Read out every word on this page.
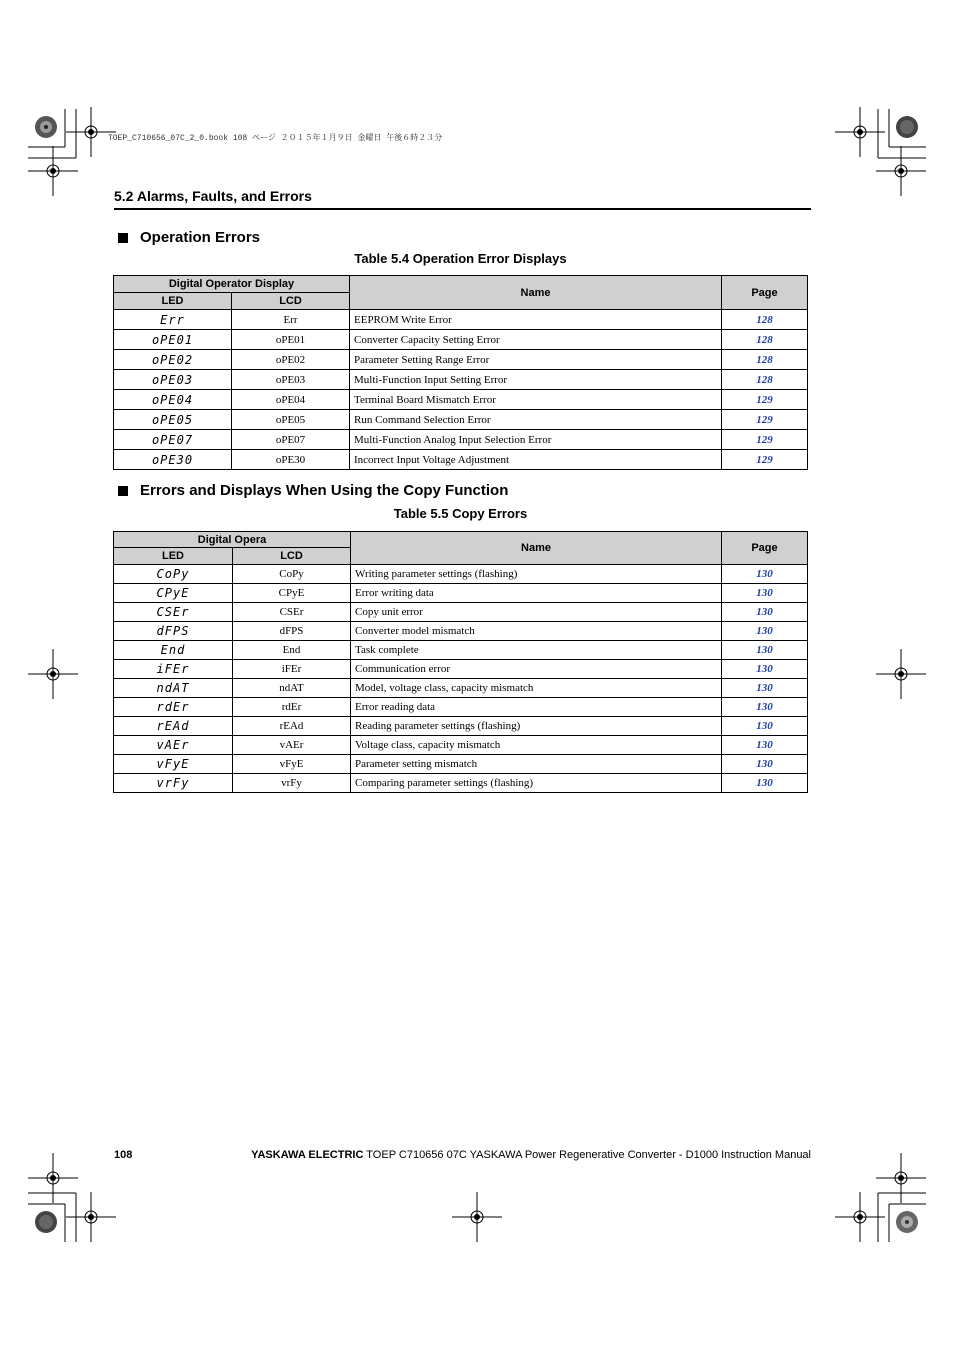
TOEP_C710656_07C_2_0.book 108 ページ ２０１５年１月９日 金曜日 午後６時２３分
5.2 Alarms, Faults, and Errors
Operation Errors
Table 5.4 Operation Error Displays
Digital Operator Display		Name	Page
LED	LCD		
Err	Err	EEPROM Write Error	128
oPE01	oPE01	Converter Capacity Setting Error	128
oPE02	oPE02	Parameter Setting Range Error	128
oPE03	oPE03	Multi-Function Input Setting Error	128
oPE04	oPE04	Terminal Board Mismatch Error	129
oPE05	oPE05	Run Command Selection Error	129
oPE07	oPE07	Multi-Function Analog Input Selection Error	129
oPE30	oPE30	Incorrect Input Voltage Adjustment	129
Errors and Displays When Using the Copy Function
Table 5.5 Copy Errors
Digital Opera		Name	Page
LED	LCD		
CoPy	CoPy	Writing parameter settings (flashing)	130
CPyE	CPyE	Error writing data	130
CSEr	CSEr	Copy unit error	130
dFPS	dFPS	Converter model mismatch	130
End	End	Task complete	130
iFEr	iFEr	Communication error	130
ndAT	ndAT	Model, voltage class, capacity mismatch	130
rdEr	rdEr	Error reading data	130
rEAd	rEAd	Reading parameter settings (flashing)	130
vAEr	vAEr	Voltage class, capacity mismatch	130
vFyE	vFyE	Parameter setting mismatch	130
vrFy	vrFy	Comparing parameter settings (flashing)	130
108	YASKAWA ELECTRIC TOEP C710656 07C YASKAWA Power Regenerative Converter - D1000 Instruction Manual
